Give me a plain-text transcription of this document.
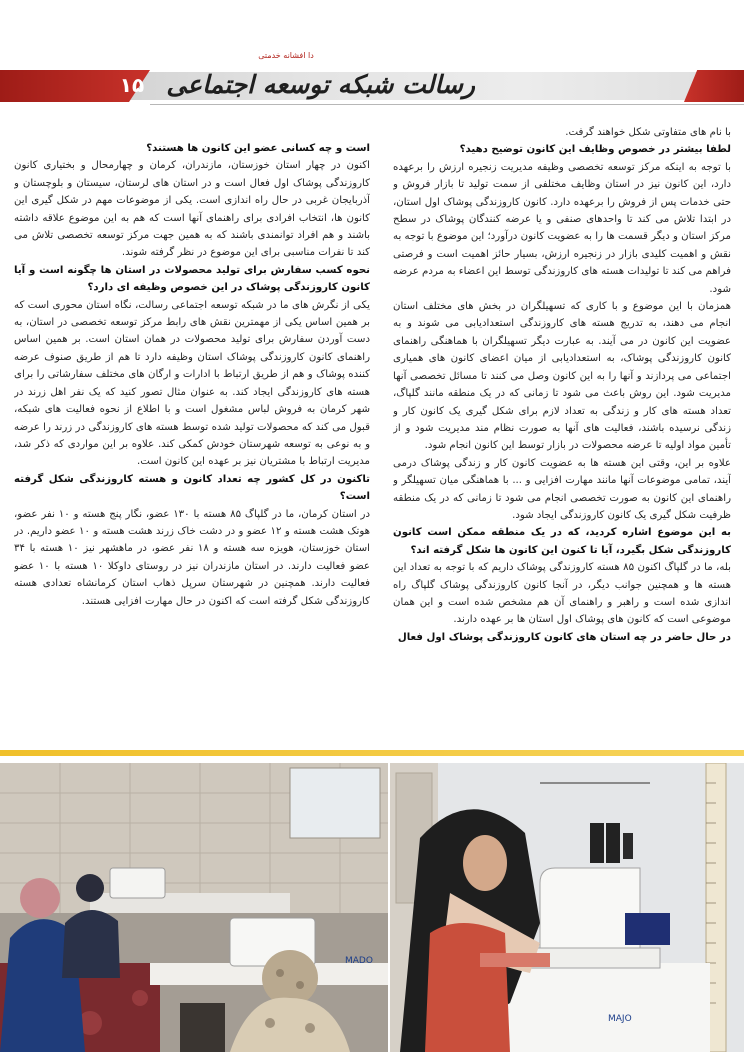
۱۵
دا افشانه خدمتی
رسالت شبکه توسعه اجتماعی

با نام های متفاوتی شکل خواهند گرفت.

لطفا بیشتر در خصوص وظایف این کانون توضیح دهید؟

با توجه به اینکه مرکز توسعه تخصصی وظیفه مدیریت زنجیره ارزش را برعهده دارد، این کانون نیز در استان وظایف مختلفی از سمت تولید تا بازار فروش و حتی خدمات پس از فروش را برعهده دارد. کانون کاروزندگی پوشاک اول استان، در ابتدا تلاش می کند تا واحدهای صنفی و یا عرضه کنندگان پوشاک در سطح مرکز استان و دیگر قسمت ها را به عضویت کانون درآورد؛ این موضوع با توجه به نقش و اهمیت کلیدی بازار در زنجیره ارزش، بسیار حائز اهمیت است و فرصتی فراهم می کند تا تولیدات هسته های کاروزندگی توسط این اعضاء به مردم عرضه شود.

همزمان با این موضوع و با کاری که تسهیلگران در بخش های مختلف استان انجام می دهند، به تدریج هسته های کاروزندگی استعدادیابی می شوند و به عضویت این کانون در می آیند. به عبارت دیگر تسهیلگران با هماهنگی راهنمای کانون کاروزندگی پوشاک، به استعدادیابی از میان اعضای کانون های همیاری اجتماعی می پردازند و آنها را به این کانون وصل می کنند تا مسائل تخصصی آنها مدیریت شود. این روش باعث می شود تا زمانی که در یک منطقه مانند گلپاگ، تعداد هسته های کار و زندگی به تعداد لازم برای شکل گیری یک کانون کار و زندگی نرسیده باشند، فعالیت های آنها به صورت نظام مند مدیریت شود و از تأمین مواد اولیه تا عرضه محصولات در بازار توسط این کانون انجام شود.

علاوه بر این، وقتی این هسته ها به عضویت کانون کار و زندگی پوشاک درمی آیند، تمامی موضوعات آنها مانند مهارت افزایی و ... با هماهنگی میان تسهیلگر و راهنمای این کانون به صورت تخصصی انجام می شود تا زمانی که در یک منطقه ظرفیت شکل گیری یک کانون کاروزندگی ایجاد شود.

به این موضوع اشاره کردید، که در یک منطقه ممکن است کانون کاروزندگی شکل بگیرد، آیا تا کنون این کانون ها شکل گرفته اند؟

بله، ما در گلپاگ اکنون ۸۵ هسته کاروزندگی پوشاک داریم که با توجه به تعداد این هسته ها و همچنین جوانب دیگر، در آنجا کانون کاروزندگی پوشاک گلپاگ راه اندازی شده است و راهبر و راهنمای آن هم مشخص شده است و این همان موضوعی است که کانون های پوشاک اول استان ها بر عهده دارند.

در حال حاضر در چه استان های کانون کاروزندگی پوشاک اول فعال

است و چه کسانی عضو این کانون ها هستند؟

اکنون در چهار استان خوزستان، مازندران، کرمان و چهارمحال و بختیاری کانون کاروزندگی پوشاک اول فعال است و در استان های لرستان، سیستان و بلوچستان و آذربایجان غربی در حال راه اندازی است. یکی از موضوعات مهم در شکل گیری این کانون ها، انتخاب افرادی برای راهنمای آنها است که هم به این موضوع علاقه داشته باشند و هم افراد توانمندی باشند که به همین جهت مرکز توسعه تخصصی تلاش می کند تا نفرات مناسبی برای این موضوع در نظر گرفته شوند.

نحوه کسب سفارش برای تولید محصولات در استان ها چگونه است و آیا کانون کاروزندگی پوشاک در این خصوص وظیفه ای دارد؟

یکی از نگرش های ما در شبکه توسعه اجتماعی رسالت، نگاه استان محوری است که بر همین اساس یکی از مهمترین نقش های رابط مرکز توسعه تخصصی در استان، به دست آوردن سفارش برای تولید محصولات در همان استان است. بر همین اساس راهنمای کانون کاروزندگی پوشاک استان وظیفه دارد تا هم از طریق صنوف عرضه کننده پوشاک و هم از طریق ارتباط با ادارات و ارگان های مختلف سفارشاتی را برای هسته های کاروزندگی ایجاد کند. به عنوان مثال تصور کنید که یک نفر اهل زرند در شهر کرمان به فروش لباس مشغول است و با اطلاع از نحوه فعالیت های شبکه، قبول می کند که محصولات تولید شده توسط هسته های کاروزندگی در زرند را عرضه و به نوعی به توسعه شهرستان خودش کمکی کند. علاوه بر این مواردی که ذکر شد، مدیریت ارتباط با مشتریان نیز بر عهده این کانون است.

تاکنون در کل کشور چه تعداد کانون و هسته کاروزندگی شکل گرفته است؟

در استان کرمان، ما در گلپاگ ۸۵ هسته با ۱۳۰ عضو، نگار پنج هسته و ۱۰ نفر عضو، هوتک هشت هسته و ۱۲ عضو و در دشت خاک زرند هشت هسته و ۱۰ عضو داریم. در استان خوزستان، هویزه سه هسته و ۱۸ نفر عضو، در ماهشهر نیز ۱۰ هسته با ۳۴ عضو فعالیت دارند. در استان مازندران نیز در روستای داوکلا ۱۰ هسته با ۱۰ عضو فعالیت دارند. همچنین در شهرستان سرپل ذهاب استان کرمانشاه تعدادی هسته کاروزندگی شکل گرفته است که اکنون در حال مهارت افزایی هستند.

MADO
MAJO
